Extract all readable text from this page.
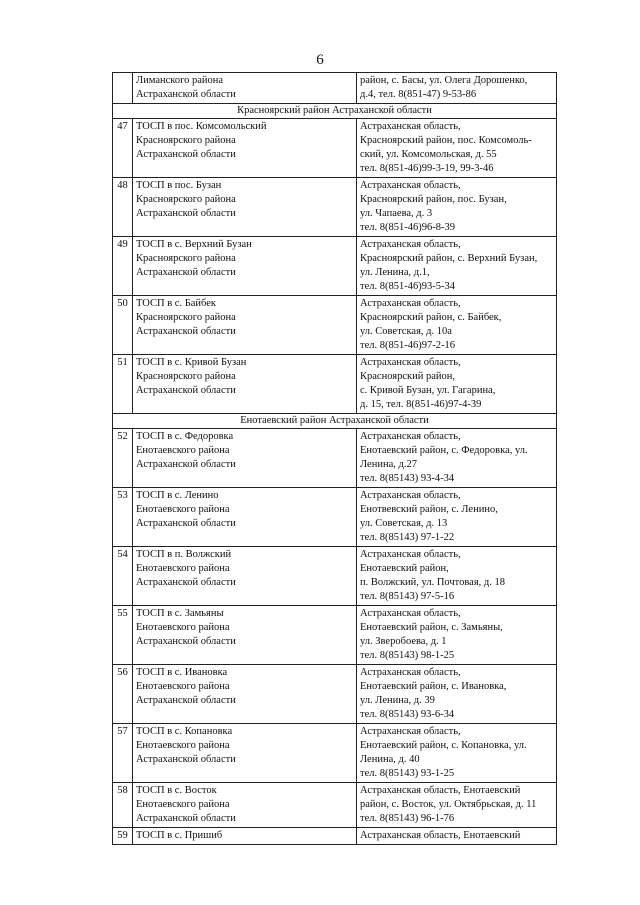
6

	Лиманского района
Астраханской области	район, с. Басы, ул. Олега Дорошенко,
д.4, тел. 8(851-47) 9-53-86

Красноярский район Астраханской области		
47	ТОСП в пос. Комсомольский
Красноярского района
Астраханской области	Астраханская область,
Красноярский район, пос. Комсомоль-
ский, ул. Комсомольская, д. 55
тел. 8(851-46)99-3-19, 99-3-46

48	ТОСП в пос. Бузан
Красноярского района
Астраханской области	Астраханская область,
Красноярский район, пос. Бузан,
ул. Чапаева, д. 3
тел. 8(851-46)96-8-39

49	ТОСП в с. Верхний Бузан
Красноярского района
Астраханской области	Астраханская область,
Красноярский район, с. Верхний Бузан,
ул. Ленина, д.1,
тел. 8(851-46)93-5-34

50	ТОСП в с. Байбек
Красноярского района
Астраханской области	Астраханская область,
Красноярский район, с. Байбек,
ул. Советская, д. 10а
тел. 8(851-46)97-2-16

51	ТОСП в с. Кривой Бузан
Красноярского района
Астраханской области	Астраханская область,
Красноярский район,
с. Кривой Бузан, ул. Гагарина,
д. 15, тел. 8(851-46)97-4-39

Енотаевский район Астраханской области		
52	ТОСП в с. Федоровка
Енотаевского района
Астраханской области	Астраханская область,
Енотаевский район, с. Федоровка, ул.
Ленина, д.27
тел. 8(85143) 93-4-34

53	ТОСП в с. Ленино
Енотаевского района
Астраханской области	Астраханская область,
Енотвевский район, с. Ленино,
ул. Советская, д. 13
тел. 8(85143) 97-1-22

54	ТОСП в п. Волжский
Енотаевского района
Астраханской области	Астраханская область,
Енотаевский район,
п. Волжский, ул. Почтовая, д. 18
тел. 8(85143) 97-5-16

55	ТОСП в с. Замьяны
Енотаевского района
Астраханской области	Астраханская область,
Енотаевский район, с. Замьяны,
ул. Зверобоева, д. 1
тел. 8(85143) 98-1-25

56	ТОСП в с. Ивановка
Енотаевского района
Астраханской области	Астраханская область,
Енотаевский район, с. Ивановка,
ул. Ленина, д. 39
тел. 8(85143) 93-6-34

57	ТОСП в с. Копановка
Енотаевского района
Астраханской области	Астраханская область,
Енотаевский район, с. Копановка, ул.
Ленина, д. 40
тел. 8(85143) 93-1-25

58	ТОСП в с. Восток
Енотаевского района
Астраханской области	Астраханская область, Енотаевский
район, с. Восток, ул. Октябрьская, д. 11
тел. 8(85143) 96-1-76

59	ТОСП в с. Пришиб	Астраханская область, Енотаевский
